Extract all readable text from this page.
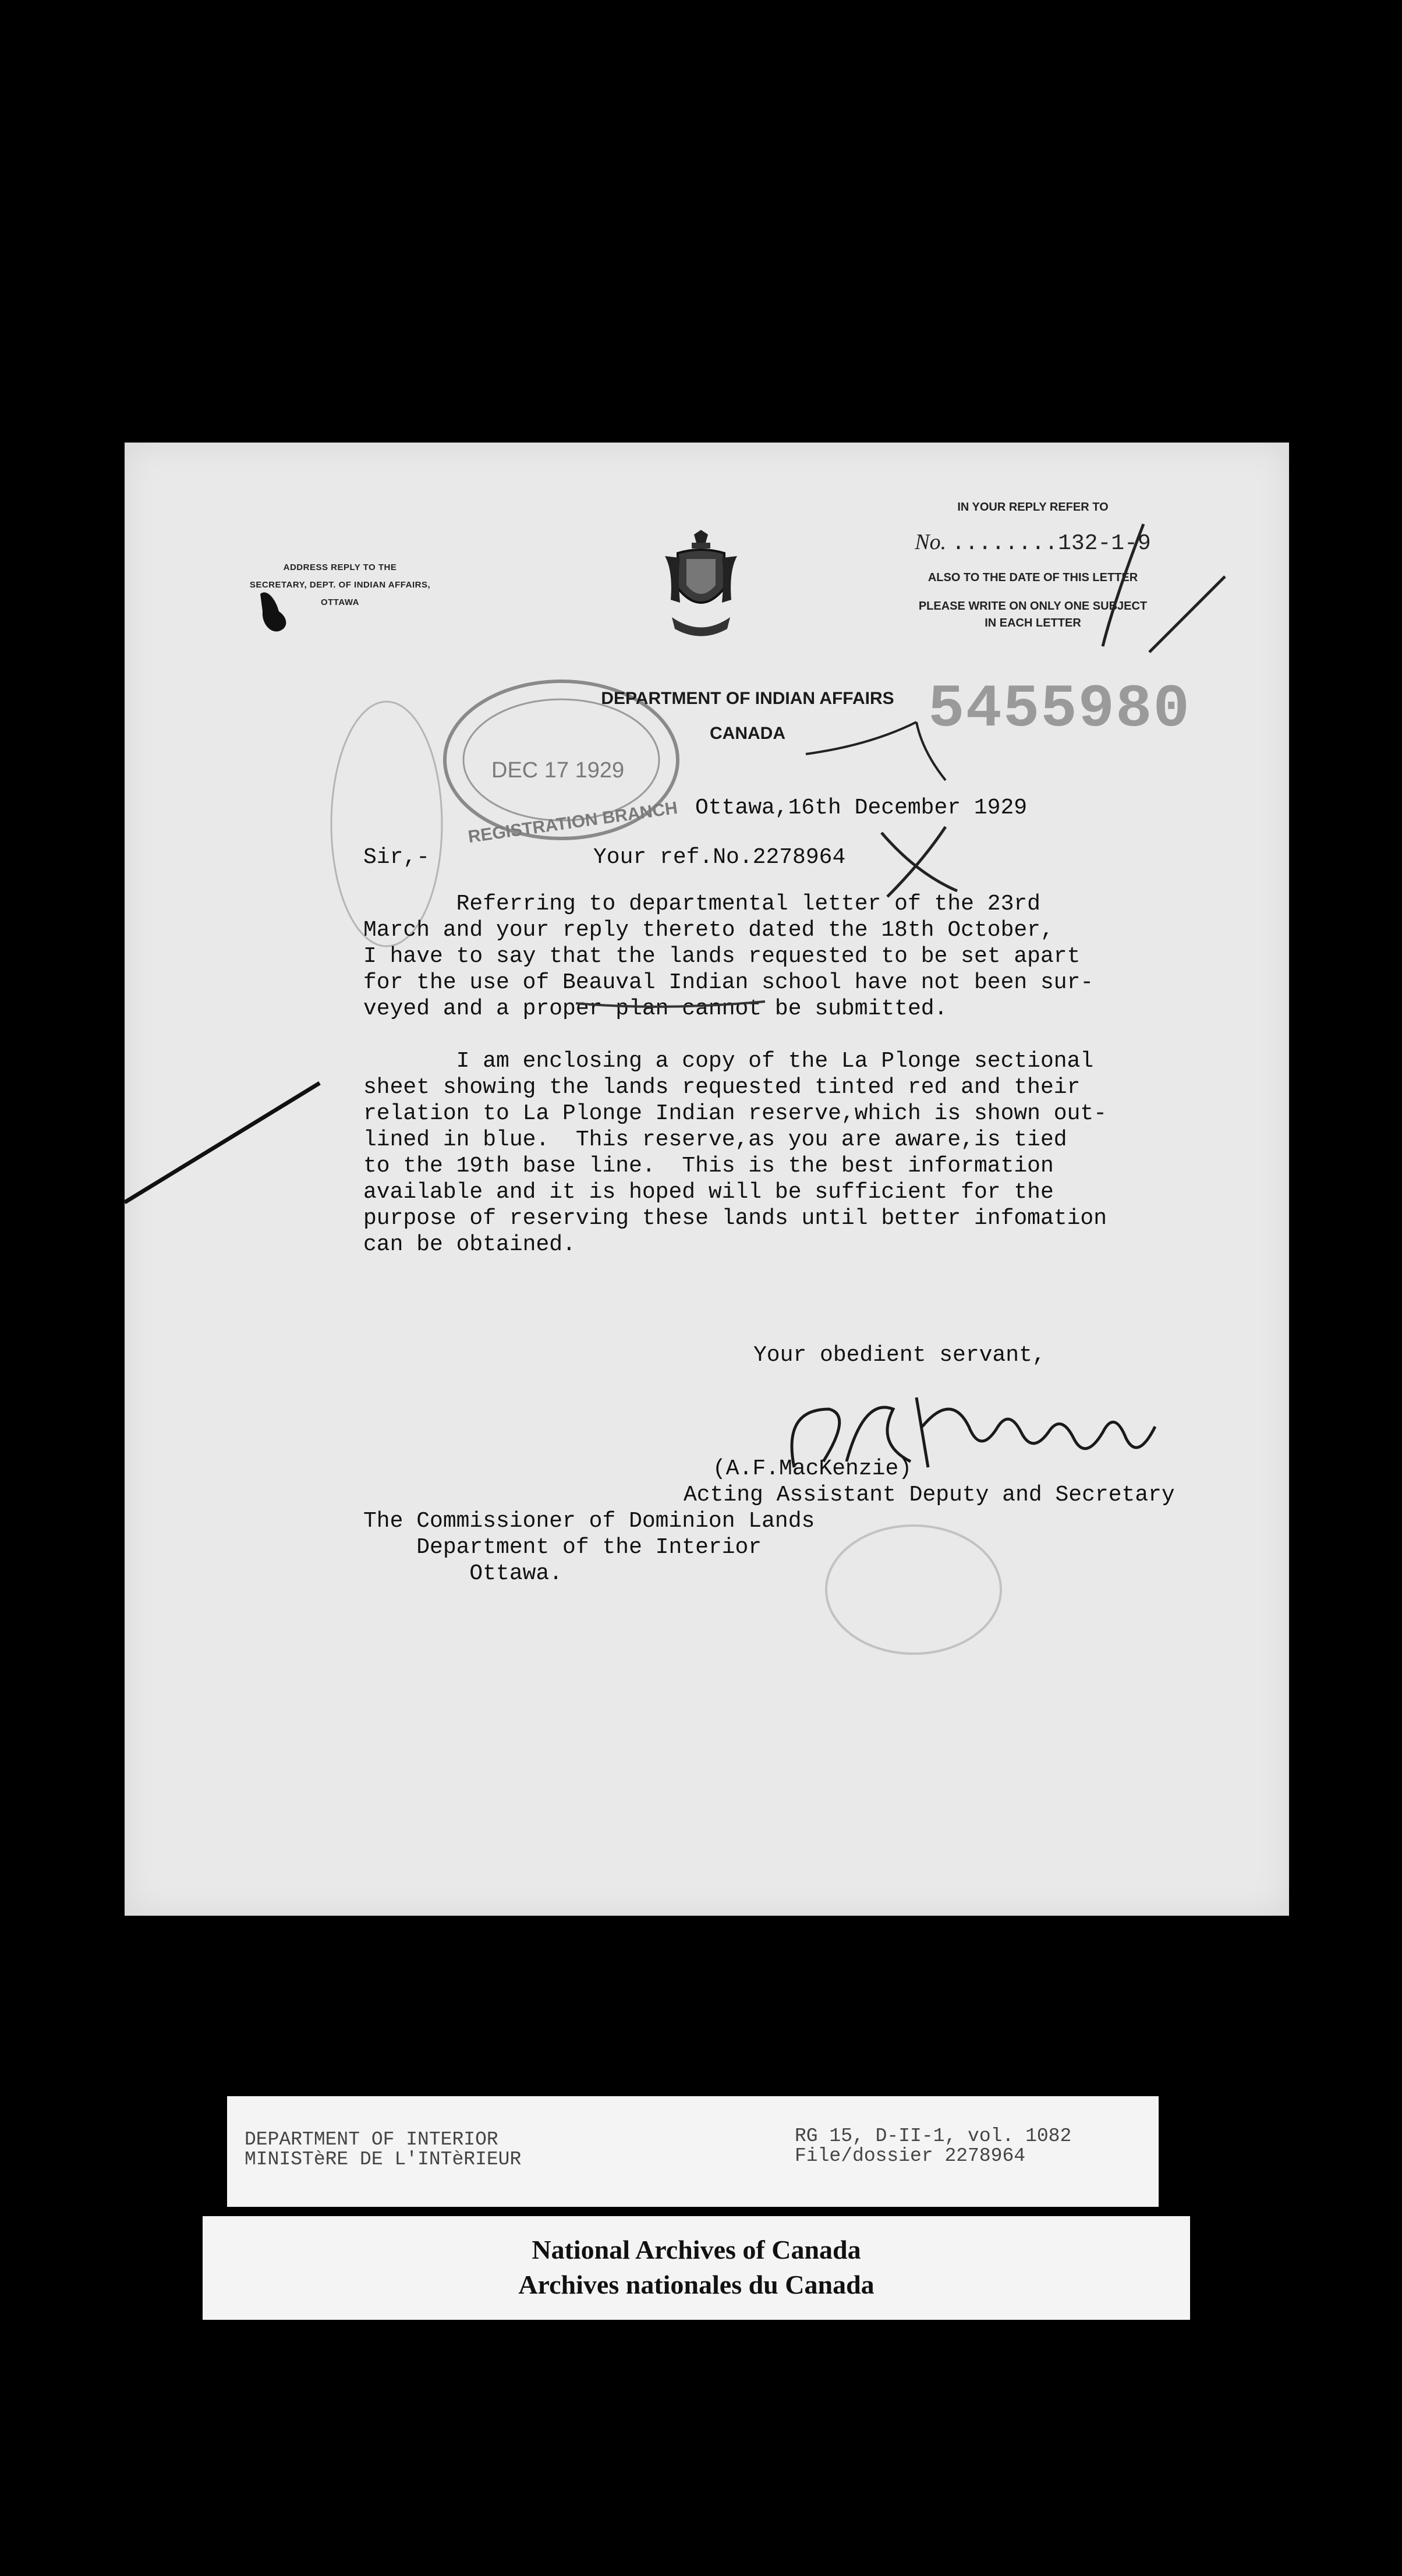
ADDRESS REPLY TO THE
SECRETARY, DEPT. OF INDIAN AFFAIRS,
OTTAWA
IN YOUR REPLY REFER TO
No. ........132-1-9
ALSO TO THE DATE OF THIS LETTER
PLEASE WRITE ON ONLY ONE SUBJECT
IN EACH LETTER
5455980
DEC 17 1929
REGISTRATION BRANCH
DEPARTMENT OF INDIAN AFFAIRS
CANADA
Ottawa,16th December 1929
Sir,-	Your ref.No.2278964
Referring to departmental letter of the 23rd
March and your reply thereto dated the 18th October,
I have to say that the lands requested to be set apart
for the use of Beauval Indian school have not been sur-
veyed and a proper plan cannot be submitted.
I am enclosing a copy of the La Plonge sectional
sheet showing the lands requested tinted red and their
relation to La Plonge Indian reserve,which is shown out-
lined in blue.  This reserve,as you are aware,is tied
to the 19th base line.  This is the best information
available and it is hoped will be sufficient for the
purpose of reserving these lands until better infomation
can be obtained.
Your obedient servant,
(A.F.MacKenzie)
Acting Assistant Deputy and Secretary
The Commissioner of Dominion Lands
Department of the Interior
Ottawa.
DEPARTMENT OF INTERIOR
MINISTèRE DE L'INTèRIEUR
RG 15, D-II-1, vol. 1082
File/dossier 2278964
National Archives of Canada
Archives nationales du Canada
